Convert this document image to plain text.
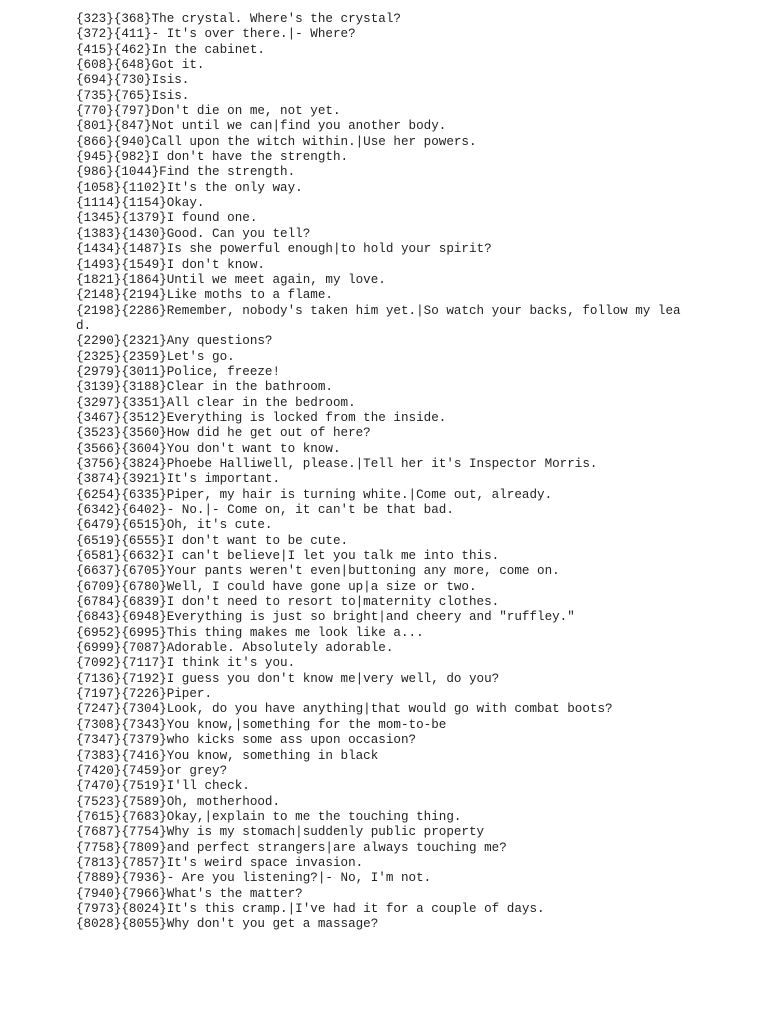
{323}{368}The crystal. Where's the crystal?
{372}{411}- It's over there.|- Where?
{415}{462}In the cabinet.
{608}{648}Got it.
{694}{730}Isis.
{735}{765}Isis.
{770}{797}Don't die on me, not yet.
{801}{847}Not until we can|find you another body.
{866}{940}Call upon the witch within.|Use her powers.
{945}{982}I don't have the strength.
{986}{1044}Find the strength.
{1058}{1102}It's the only way.
{1114}{1154}Okay.
{1345}{1379}I found one.
{1383}{1430}Good. Can you tell?
{1434}{1487}Is she powerful enough|to hold your spirit?
{1493}{1549}I don't know.
{1821}{1864}Until we meet again, my love.
{2148}{2194}Like moths to a flame.
{2198}{2286}Remember, nobody's taken him yet.|So watch your backs, follow my lea
d.
{2290}{2321}Any questions?
{2325}{2359}Let's go.
{2979}{3011}Police, freeze!
{3139}{3188}Clear in the bathroom.
{3297}{3351}All clear in the bedroom.
{3467}{3512}Everything is locked from the inside.
{3523}{3560}How did he get out of here?
{3566}{3604}You don't want to know.
{3756}{3824}Phoebe Halliwell, please.|Tell her it's Inspector Morris.
{3874}{3921}It's important.
{6254}{6335}Piper, my hair is turning white.|Come out, already.
{6342}{6402}- No.|- Come on, it can't be that bad.
{6479}{6515}Oh, it's cute.
{6519}{6555}I don't want to be cute.
{6581}{6632}I can't believe|I let you talk me into this.
{6637}{6705}Your pants weren't even|buttoning any more, come on.
{6709}{6780}Well, I could have gone up|a size or two.
{6784}{6839}I don't need to resort to|maternity clothes.
{6843}{6948}Everything is just so bright|and cheery and "ruffley."
{6952}{6995}This thing makes me look like a...
{6999}{7087}Adorable. Absolutely adorable.
{7092}{7117}I think it's you.
{7136}{7192}I guess you don't know me|very well, do you?
{7197}{7226}Piper.
{7247}{7304}Look, do you have anything|that would go with combat boots?
{7308}{7343}You know,|something for the mom-to-be
{7347}{7379}who kicks some ass upon occasion?
{7383}{7416}You know, something in black
{7420}{7459}or grey?
{7470}{7519}I'll check.
{7523}{7589}Oh, motherhood.
{7615}{7683}Okay,|explain to me the touching thing.
{7687}{7754}Why is my stomach|suddenly public property
{7758}{7809}and perfect strangers|are always touching me?
{7813}{7857}It's weird space invasion.
{7889}{7936}- Are you listening?|- No, I'm not.
{7940}{7966}What's the matter?
{7973}{8024}It's this cramp.|I've had it for a couple of days.
{8028}{8055}Why don't you get a massage?
